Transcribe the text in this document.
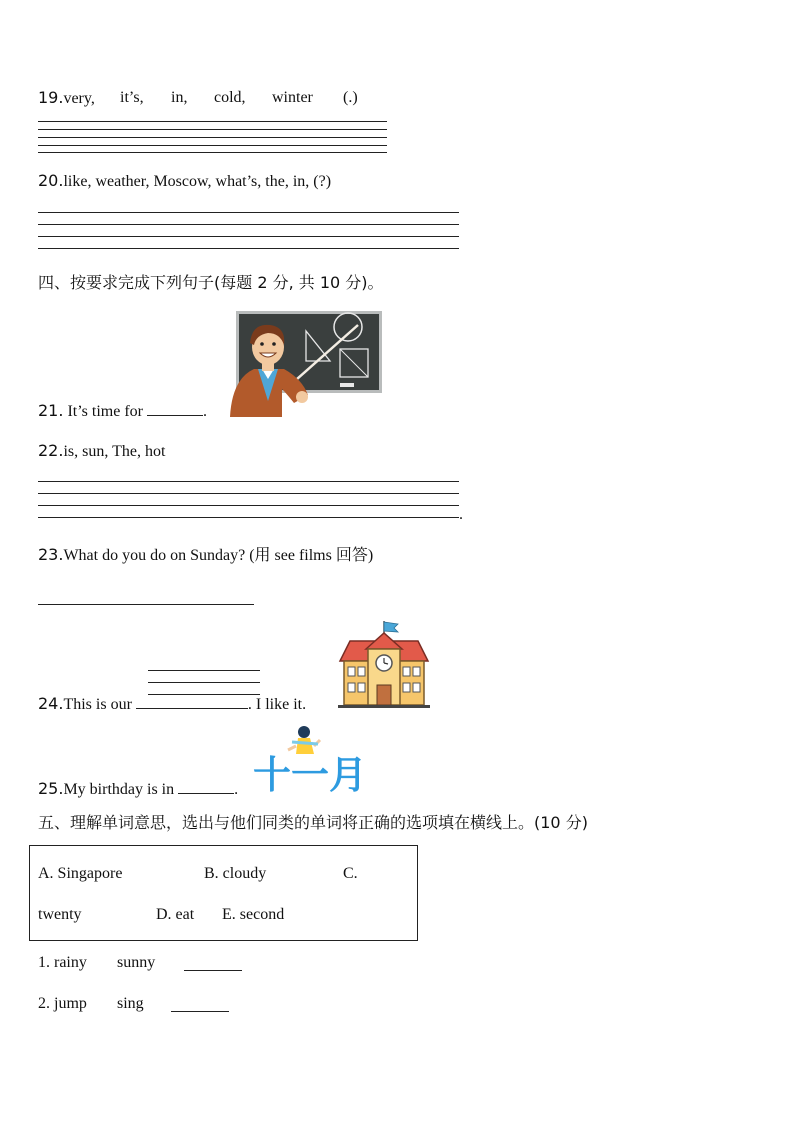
19.very, it’s, in, cold, winter (.)
20.like, weather, Moscow, what’s, the, in, (?)
四、按要求完成下列句子(每题 2 分, 共 10 分)。
21. It’s time for	.
22.is, sun, The, hot
.
23.What do you do on Sunday? (用 see films 回答)
24.This is our	. I like it.
十一月
25.My birthday is in	.
五、理解单词意思，选出与他们同类的单词将正确的选项填在横线上。(10 分)
A. Singapore	B. cloudy	C.
twenty	D. eat E. second
1. rainy sunny
2. jump sing
